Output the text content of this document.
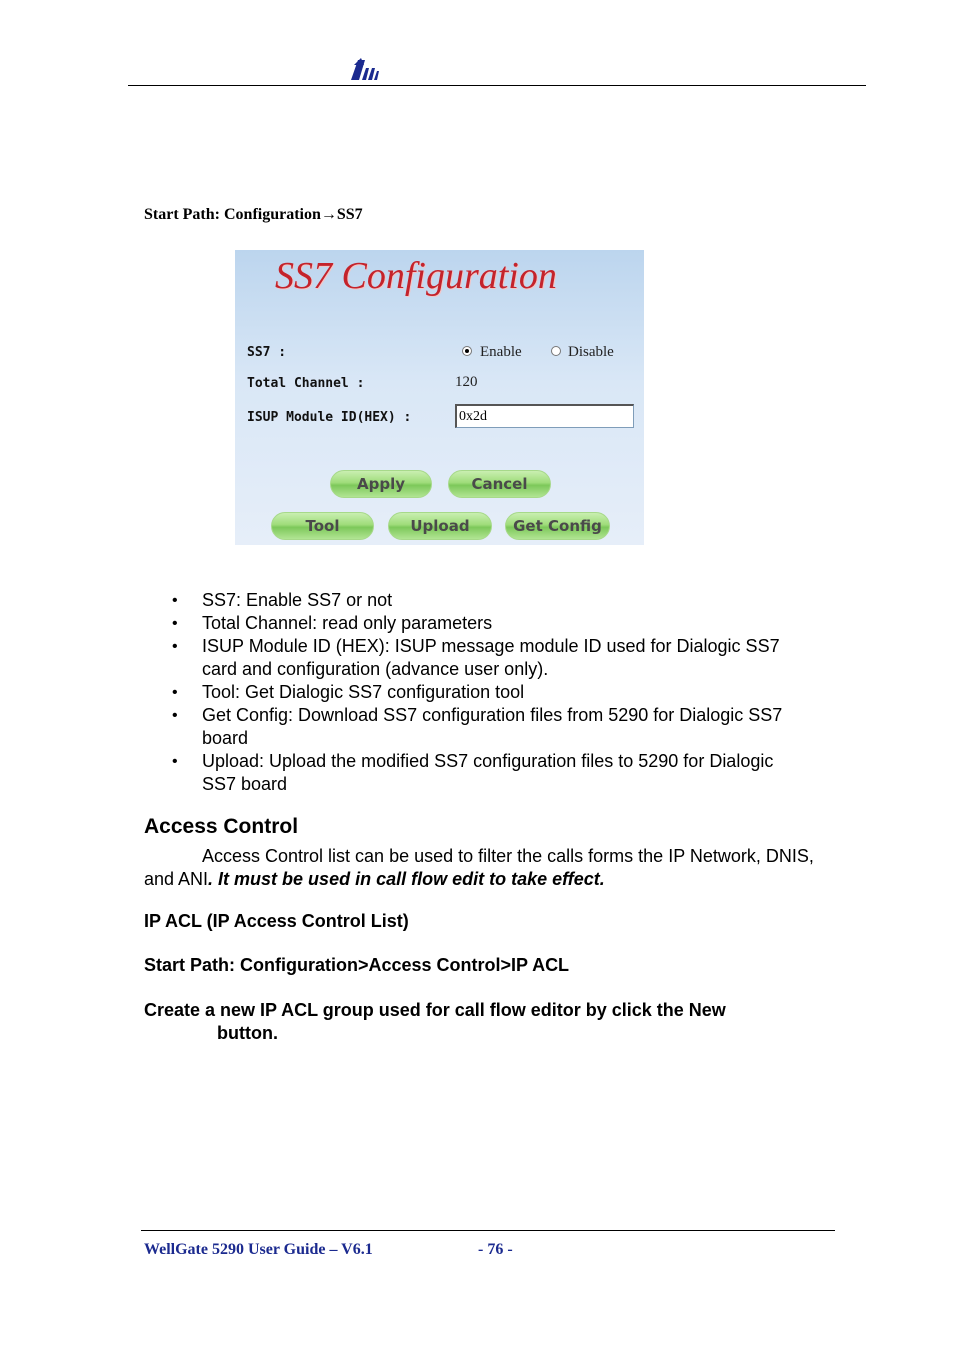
Start Path: Configuration→SS7
SS7 Configuration
SS7 :	Enable	Disable
Total Channel :	120
ISUP Module ID(HEX) :
0x2d
Apply	Cancel
Tool	Upload	Get Config
• SS7: Enable SS7 or not
• Total Channel: read only parameters
• ISUP Module ID (HEX): ISUP message module ID used for Dialogic SS7 card and configuration (advance user only).
• Tool: Get Dialogic SS7 configuration tool
• Get Config: Download SS7 configuration files from 5290 for Dialogic SS7 board
• Upload: Upload the modified SS7 configuration files to 5290 for Dialogic SS7 board
Access Control
Access Control list can be used to filter the calls forms the IP Network, DNIS, and ANI. It must be used in call flow edit to take effect.
IP ACL (IP Access Control List)
Start Path: Configuration>Access Control>IP ACL
Create a new IP ACL group used for call flow editor by click the New
button.
WellGate 5290 User Guide – V6.1	- 76 -
